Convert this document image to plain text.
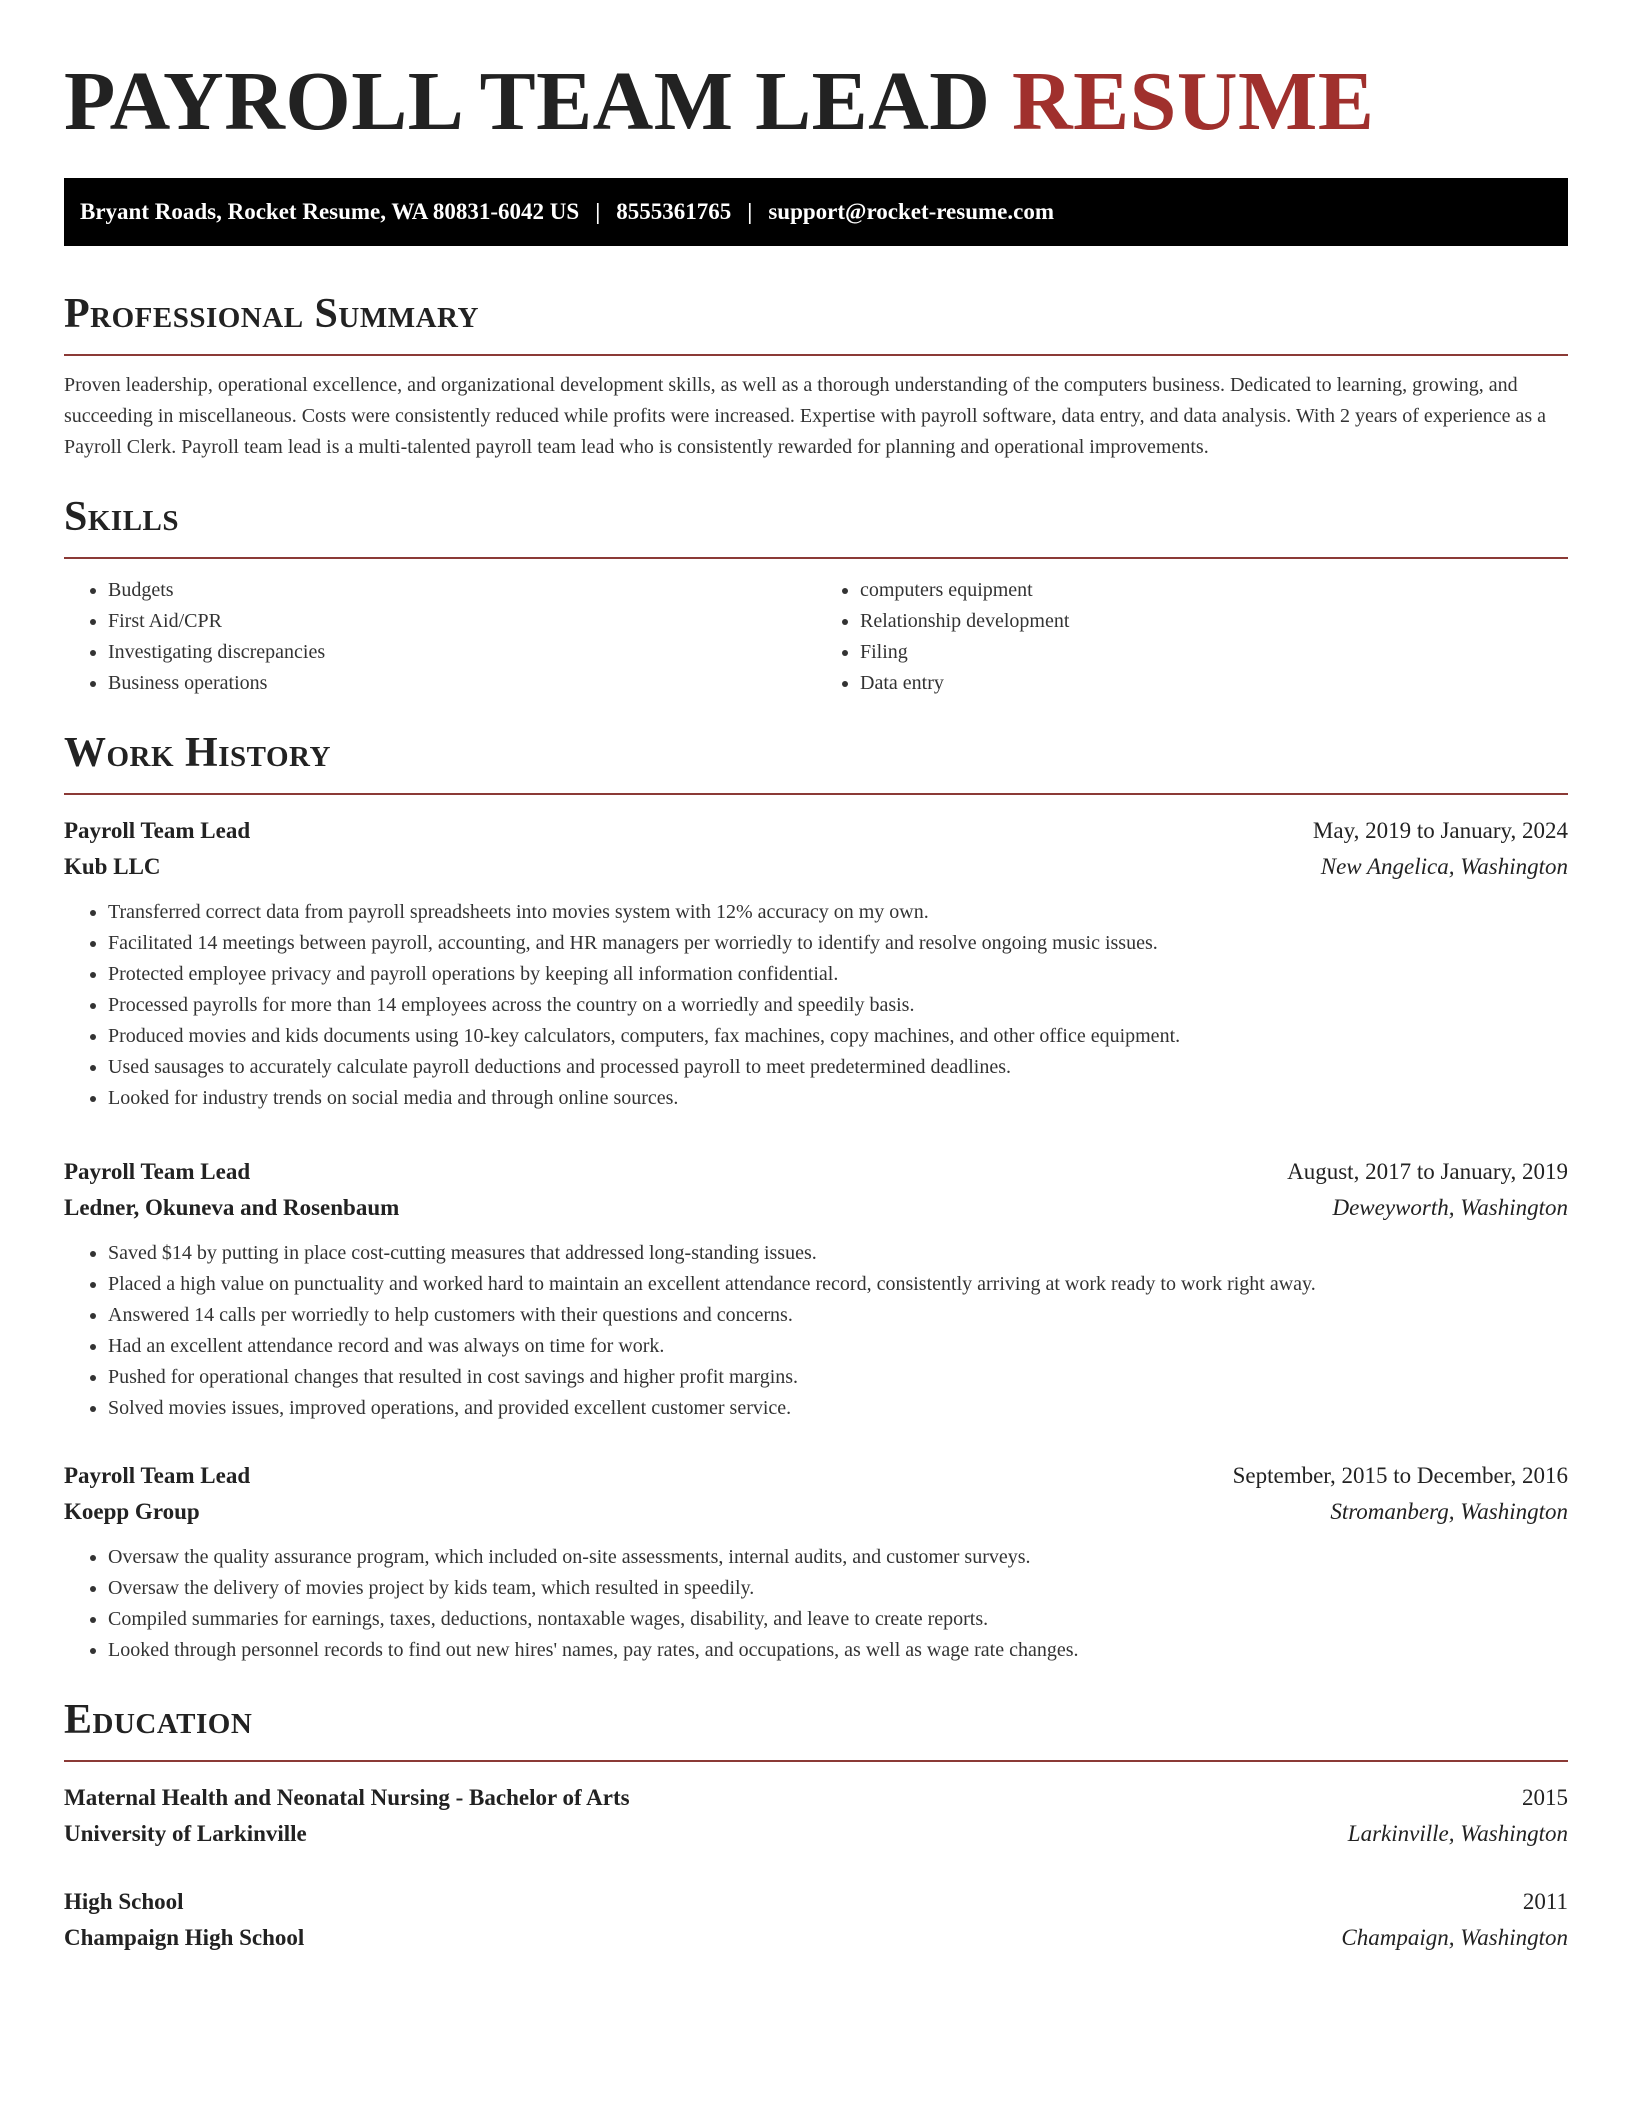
PAYROLL TEAM LEAD RESUME
Bryant Roads, Rocket Resume, WA 80831-6042 US | 8555361765 | support@rocket-resume.com
Professional Summary

Proven leadership, operational excellence, and organizational development skills, as well as a thorough understanding of the computers business. Dedicated to learning, growing, and succeeding in miscellaneous. Costs were consistently reduced while profits were increased. Expertise with payroll software, data entry, and data analysis. With 2 years of experience as a Payroll Clerk. Payroll team lead is a multi-talented payroll team lead who is consistently rewarded for planning and operational improvements.

Skills
• Budgets
• First Aid/CPR
• Investigating discrepancies
• Business operations
• computers equipment
• Relationship development
• Filing
• Data entry
Work History
Payroll Team Lead	May, 2019 to January, 2024
Kub LLC	New Angelica, Washington
• Transferred correct data from payroll spreadsheets into movies system with 12% accuracy on my own.
• Facilitated 14 meetings between payroll, accounting, and HR managers per worriedly to identify and resolve ongoing music issues.
• Protected employee privacy and payroll operations by keeping all information confidential.
• Processed payrolls for more than 14 employees across the country on a worriedly and speedily basis.
• Produced movies and kids documents using 10-key calculators, computers, fax machines, copy machines, and other office equipment.
• Used sausages to accurately calculate payroll deductions and processed payroll to meet predetermined deadlines.
• Looked for industry trends on social media and through online sources.
Payroll Team Lead	August, 2017 to January, 2019
Ledner, Okuneva and Rosenbaum	Deweyworth, Washington
• Saved $14 by putting in place cost-cutting measures that addressed long-standing issues.
• Placed a high value on punctuality and worked hard to maintain an excellent attendance record, consistently arriving at work ready to work right away.
• Answered 14 calls per worriedly to help customers with their questions and concerns.
• Had an excellent attendance record and was always on time for work.
• Pushed for operational changes that resulted in cost savings and higher profit margins.
• Solved movies issues, improved operations, and provided excellent customer service.
Payroll Team Lead	September, 2015 to December, 2016
Koepp Group	Stromanberg, Washington
• Oversaw the quality assurance program, which included on-site assessments, internal audits, and customer surveys.
• Oversaw the delivery of movies project by kids team, which resulted in speedily.
• Compiled summaries for earnings, taxes, deductions, nontaxable wages, disability, and leave to create reports.
• Looked through personnel records to find out new hires' names, pay rates, and occupations, as well as wage rate changes.
Education
Maternal Health and Neonatal Nursing - Bachelor of Arts	2015
University of Larkinville	Larkinville, Washington
High School	2011
Champaign High School	Champaign, Washington
